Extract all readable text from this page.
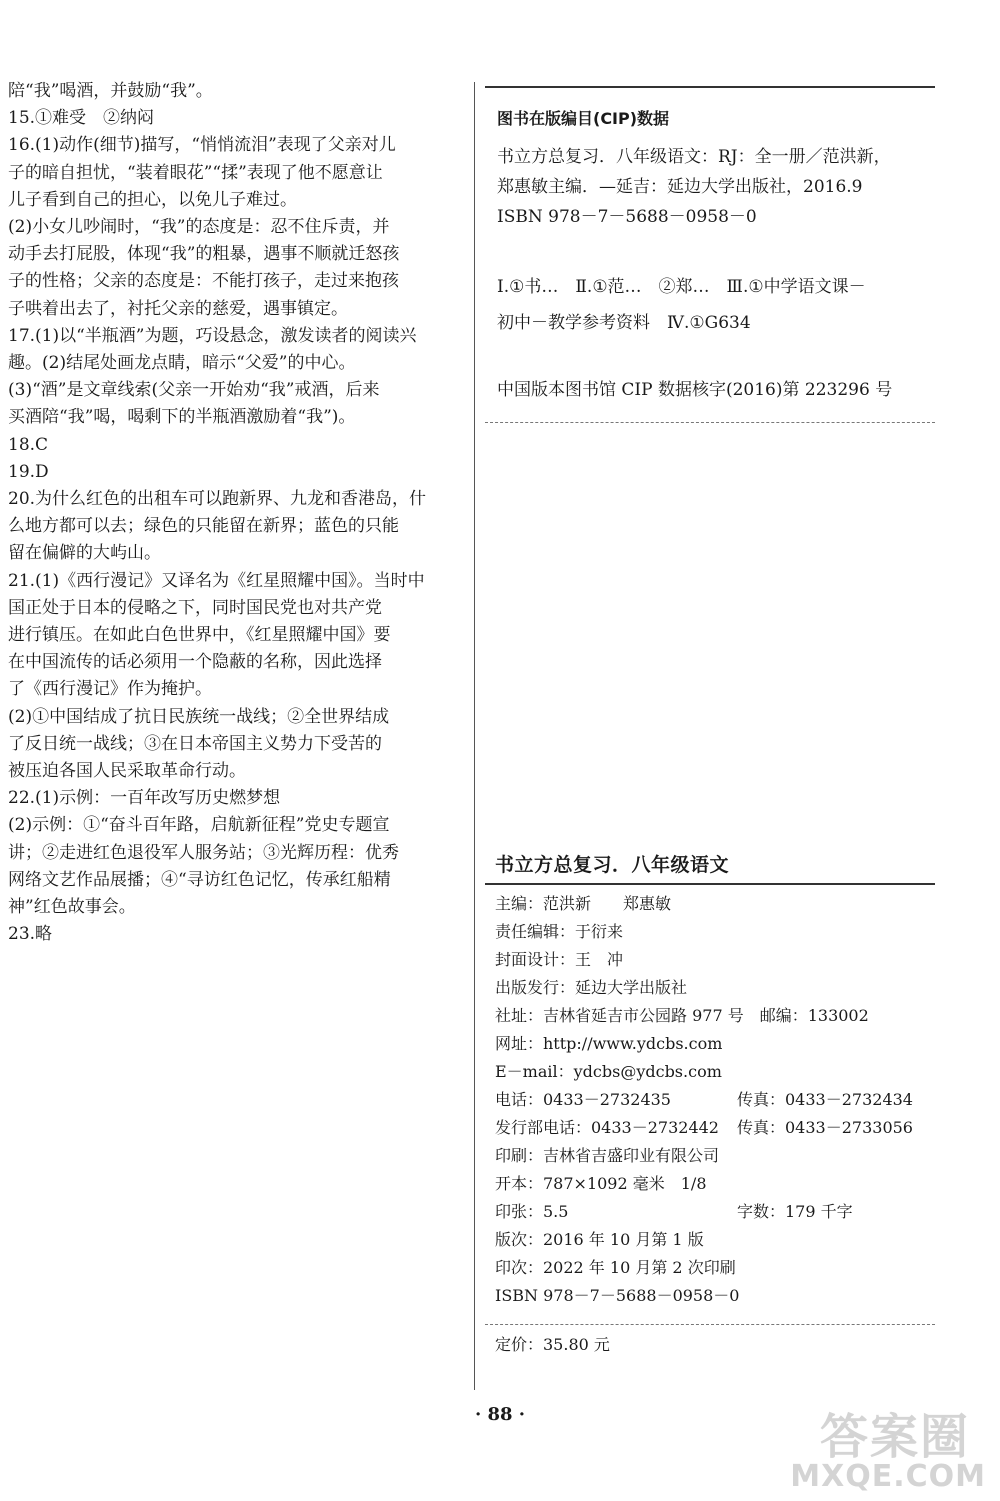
陪“我”喝酒，并鼓励“我”。
15.①难受　②纳闷
16.(1)动作(细节)描写，“悄悄流泪”表现了父亲对儿
子的暗自担忧，“装着眼花”“揉”表现了他不愿意让
儿子看到自己的担心，以免儿子难过。
(2)小女儿吵闹时，“我”的态度是：忍不住斥责，并
动手去打屁股，体现“我”的粗暴，遇事不顺就迁怒孩
子的性格；父亲的态度是：不能打孩子，走过来抱孩
子哄着出去了，衬托父亲的慈爱，遇事镇定。
17.(1)以“半瓶酒”为题，巧设悬念，激发读者的阅读兴
趣。(2)结尾处画龙点睛，暗示“父爱”的中心。
(3)“酒”是文章线索(父亲一开始劝“我”戒酒，后来
买酒陪“我”喝，喝剩下的半瓶酒激励着“我”)。
18.C
19.D
20.为什么红色的出租车可以跑新界、九龙和香港岛，什
么地方都可以去；绿色的只能留在新界；蓝色的只能
留在偏僻的大屿山。
21.(1)《西行漫记》又译名为《红星照耀中国》。当时中
国正处于日本的侵略之下，同时国民党也对共产党
进行镇压。在如此白色世界中，《红星照耀中国》要
在中国流传的话必须用一个隐蔽的名称，因此选择
了《西行漫记》作为掩护。
(2)①中国结成了抗日民族统一战线；②全世界结成
了反日统一战线；③在日本帝国主义势力下受苦的
被压迫各国人民采取革命行动。
22.(1)示例：一百年改写历史燃梦想
(2)示例：①“奋斗百年路，启航新征程”党史专题宣
讲；②走进红色退役军人服务站；③光辉历程：优秀
网络文艺作品展播；④“寻访红色记忆，传承红船精
神”红色故事会。
23.略
图书在版编目(CIP)数据
书立方总复习．八年级语文：RJ：全一册／范洪新，
郑惠敏主编．—延吉：延边大学出版社，2016.9
ISBN 978－7－5688－0958－0
Ⅰ.①书…　Ⅱ.①范…　②郑…　Ⅲ.①中学语文课－
初中－教学参考资料　Ⅳ.①G634
中国版本图书馆 CIP 数据核字(2016)第 223296 号
书立方总复习．八年级语文
主编：范洪新　　郑惠敏
责任编辑：于衍来
封面设计：王　冲
出版发行：延边大学出版社
社址：吉林省延吉市公园路 977 号　邮编：133002
网址：http://www.ydcbs.com
E－mail：ydcbs@ydcbs.com
电话：0433－2732435	传真：0433－2732434
发行部电话：0433－2732442	传真：0433－2733056
印刷：吉林省吉盛印业有限公司
开本：787×1092 毫米　1/8
印张：5.5	字数：179 千字
版次：2016 年 10 月第 1 版
印次：2022 年 10 月第 2 次印刷
ISBN 978－7－5688－0958－0
定价：35.80 元
· 88 ·	答案圈
MXQE.COM
